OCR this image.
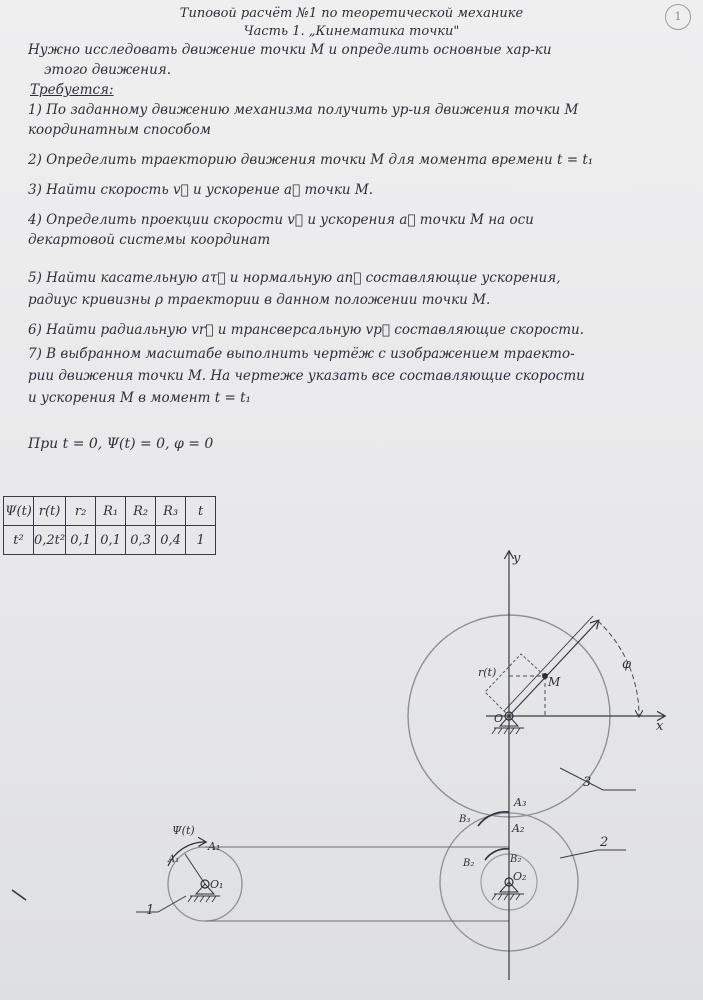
1
Типовой расчёт №1 по теоретической механике
Часть 1. „Кинематика точки"
Нужно исследовать движение точки М и определить основные хар-ки
этого движения.
Требуется:
1) По заданному движению механизма получить ур-ия движения точки М
координатным способом
2) Определить траекторию движения точки М для момента времени t = t₁
3) Найти скорость v⃗ и ускорение a⃗ точки М.
4) Определить проекции скорости v⃗ и ускорения a⃗ точки М на оси
декартовой системы координат
5) Найти касательную aτ⃗ и нормальную an⃗ составляющие ускорения,
радиус кривизны ρ траектории в данном положении точки М.
6) Найти радиальную vr⃗ и трансверсальную vp⃗ составляющие скорости.
7) В выбранном масштабе выполнить чертёж с изображением траекто-
рии движения точки М. На чертеже указать все составляющие скорости
и ускорения М в момент t = t₁
При t = 0, Ψ(t) = 0, φ = 0
Ψ(t)	r(t)	r₂	R₁	R₂	R₃	t
t²	0,2t²	0,1	0,1	0,3	0,4	1
y
x
r(t)
M
O
φ
3
A₃
A₂
B₃
B₂
2
O₂
B₂
Ψ(t)
A₁
A₁
O₁
1
